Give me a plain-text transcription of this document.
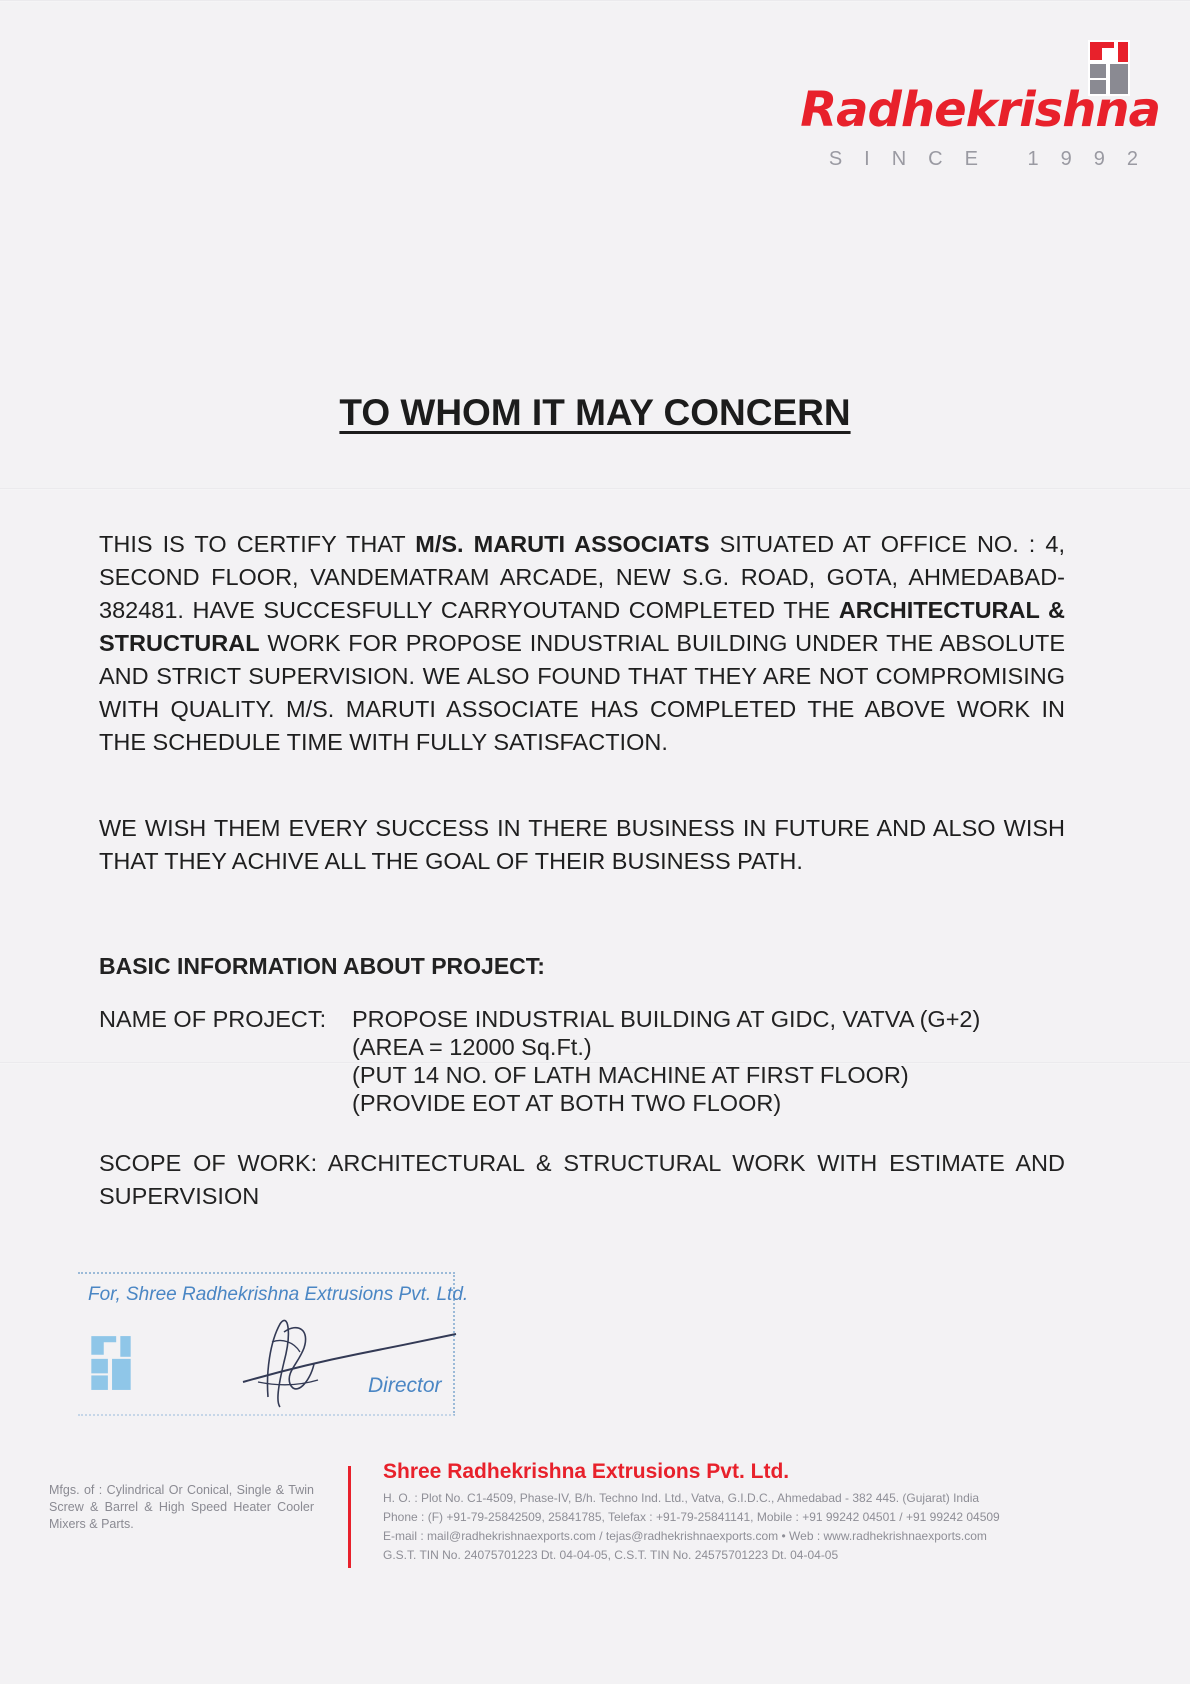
Radhekrishna
SINCE 1992
TO WHOM IT MAY CONCERN
THIS IS TO CERTIFY THAT M/S. MARUTI ASSOCIATS SITUATED AT OFFICE NO. : 4, SECOND FLOOR, VANDEMATRAM ARCADE, NEW S.G. ROAD, GOTA, AHMEDABAD-382481. HAVE SUCCESFULLY CARRYOUTAND COMPLETED THE ARCHITECTURAL & STRUCTURAL WORK FOR PROPOSE INDUSTRIAL BUILDING UNDER THE ABSOLUTE AND STRICT SUPERVISION. WE ALSO FOUND THAT THEY ARE NOT COMPROMISING WITH QUALITY. M/S. MARUTI ASSOCIATE HAS COMPLETED THE ABOVE WORK IN THE SCHEDULE TIME WITH FULLY SATISFACTION.
WE WISH THEM EVERY SUCCESS IN THERE BUSINESS IN FUTURE AND ALSO WISH THAT THEY ACHIVE ALL THE GOAL OF THEIR BUSINESS PATH.
BASIC INFORMATION ABOUT PROJECT:
NAME OF PROJECT: PROPOSE INDUSTRIAL BUILDING AT GIDC, VATVA (G+2)
(AREA = 12000 Sq.Ft.)
(PUT 14 NO. OF LATH MACHINE AT FIRST FLOOR)
(PROVIDE EOT AT BOTH TWO FLOOR)
SCOPE OF WORK: ARCHITECTURAL & STRUCTURAL WORK WITH ESTIMATE AND SUPERVISION
For, Shree Radhekrishna Extrusions Pvt. Ltd.
Director
Mfgs. of : Cylindrical Or Conical, Single & Twin Screw & Barrel & High Speed Heater Cooler Mixers & Parts.
Shree Radhekrishna Extrusions Pvt. Ltd.
H. O. : Plot No. C1-4509, Phase-IV, B/h. Techno Ind. Ltd., Vatva, G.I.D.C., Ahmedabad - 382 445. (Gujarat) India
Phone : (F) +91-79-25842509, 25841785, Telefax : +91-79-25841141, Mobile : +91 99242 04501 / +91 99242 04509
E-mail : mail@radhekrishnaexports.com / tejas@radhekrishnaexports.com • Web : www.radhekrishnaexports.com
G.S.T. TIN No. 24075701223 Dt. 04-04-05, C.S.T. TIN No. 24575701223 Dt. 04-04-05
